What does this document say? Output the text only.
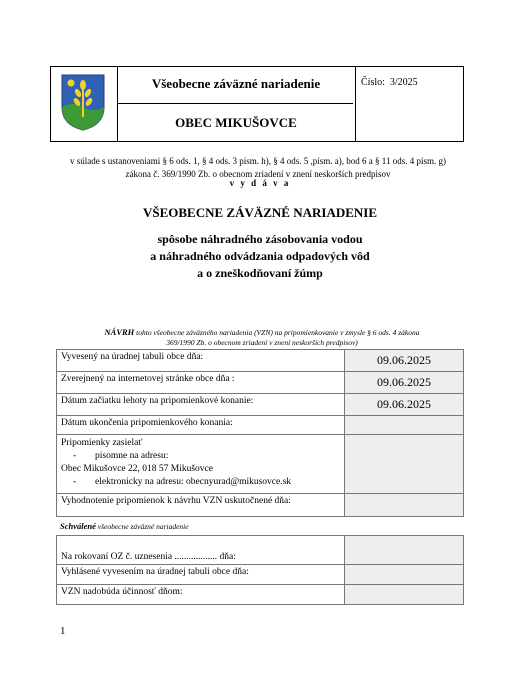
Všeobecne záväzné nariadenie
OBEC MIKUŠOVCE
Číslo: 3/2025
v súlade s ustanoveniami § 6 ods. 1, § 4 ods. 3 písm. h), § 4 ods. 5 ,písm. a), bod 6 a § 11 ods. 4 písm. g) zákona č. 369/1990 Zb. o obecnom zriadení v znení neskorších predpisov
v y d á v a
VŠEOBECNE ZÁVÄZNÉ NARIADENIE
spôsobe náhradného zásobovania vodou
a náhradného odvádzania odpadových vôd
a o zneškodňovaní žúmp
NÁVRH tohto všeobecne záväzného nariadenia (VZN) na pripomienkovanie v zmysle § 6 ods. 4 zákona
369/1990 Zb. o obecnom zriadení v znení neskorších predpisov)
Vyvesený na úradnej tabuli obce dňa:	09.06.2025
Zverejnený na internetovej stránke obce dňa :	09.06.2025
Dátum začiatku lehoty na pripomienkové konanie:	09.06.2025
Dátum ukončenia pripomienkového konania:	

Pripomienky zasielat'
- písomne na adresu:
Obec Mikušovce 22, 018 57 Mikušovce
- elektronicky na adresu: obecnyurad@mikusovce.sk	

Vyhodnotenie pripomienok k návrhu VZN uskutočnené dňa:	
Schválené všeobecne záväzné nariadenie
Na rokovaní OZ č. uznesenia .................. dňa:	
Vyhlásené vyvesením na úradnej tabuli obce dňa:	
VZN nadobúda účinnosť dňom:	
1
